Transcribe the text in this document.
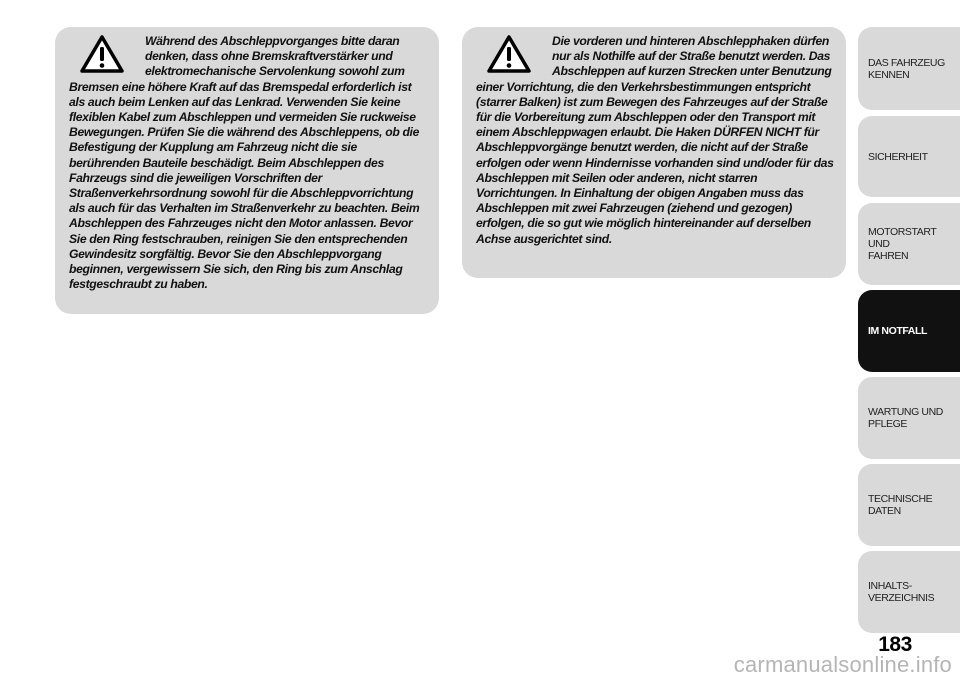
Während des Abschleppvorganges bitte daran denken, dass ohne Bremskraftverstärker und elektromechanische Servolenkung sowohl zum Bremsen eine höhere Kraft auf das Bremspedal erforderlich ist als auch beim Lenken auf das Lenkrad. Verwenden Sie keine flexiblen Kabel zum Abschleppen und vermeiden Sie ruckweise Bewegungen. Prüfen Sie die während des Abschleppens, ob die Befestigung der Kupplung am Fahrzeug nicht die sie berührenden Bauteile beschädigt. Beim Abschleppen des Fahrzeugs sind die jeweiligen Vorschriften der Straßenverkehrsordnung sowohl für die Abschleppvorrichtung als auch für das Verhalten im Straßenverkehr zu beachten. Beim Abschleppen des Fahrzeuges nicht den Motor anlassen. Bevor Sie den Ring festschrauben, reinigen Sie den entsprechenden Gewindesitz sorgfältig. Bevor Sie den Abschleppvorgang beginnen, vergewissern Sie sich, den Ring bis zum Anschlag festgeschraubt zu haben.
Die vorderen und hinteren Abschlepphaken dürfen nur als Nothilfe auf der Straße benutzt werden. Das Abschleppen auf kurzen Strecken unter Benutzung einer Vorrichtung, die den Verkehrsbestimmungen entspricht (starrer Balken) ist zum Bewegen des Fahrzeuges auf der Straße für die Vorbereitung zum Abschleppen oder den Transport mit einem Abschleppwagen erlaubt. Die Haken DÜRFEN NICHT für Abschleppvorgänge benutzt werden, die nicht auf der Straße erfolgen oder wenn Hindernisse vorhanden sind und/oder für das Abschleppen mit Seilen oder anderen, nicht starren Vorrichtungen. In Einhaltung der obigen Angaben muss das Abschleppen mit zwei Fahrzeugen (ziehend und gezogen) erfolgen, die so gut wie möglich hintereinander auf derselben Achse ausgerichtet sind.
DAS FAHRZEUG
KENNEN
SICHERHEIT
MOTORSTART UND
FAHREN
IM NOTFALL
WARTUNG UND
PFLEGE
TECHNISCHE DATEN
INHALTS-
VERZEICHNIS
183
carmanualsonline.info
